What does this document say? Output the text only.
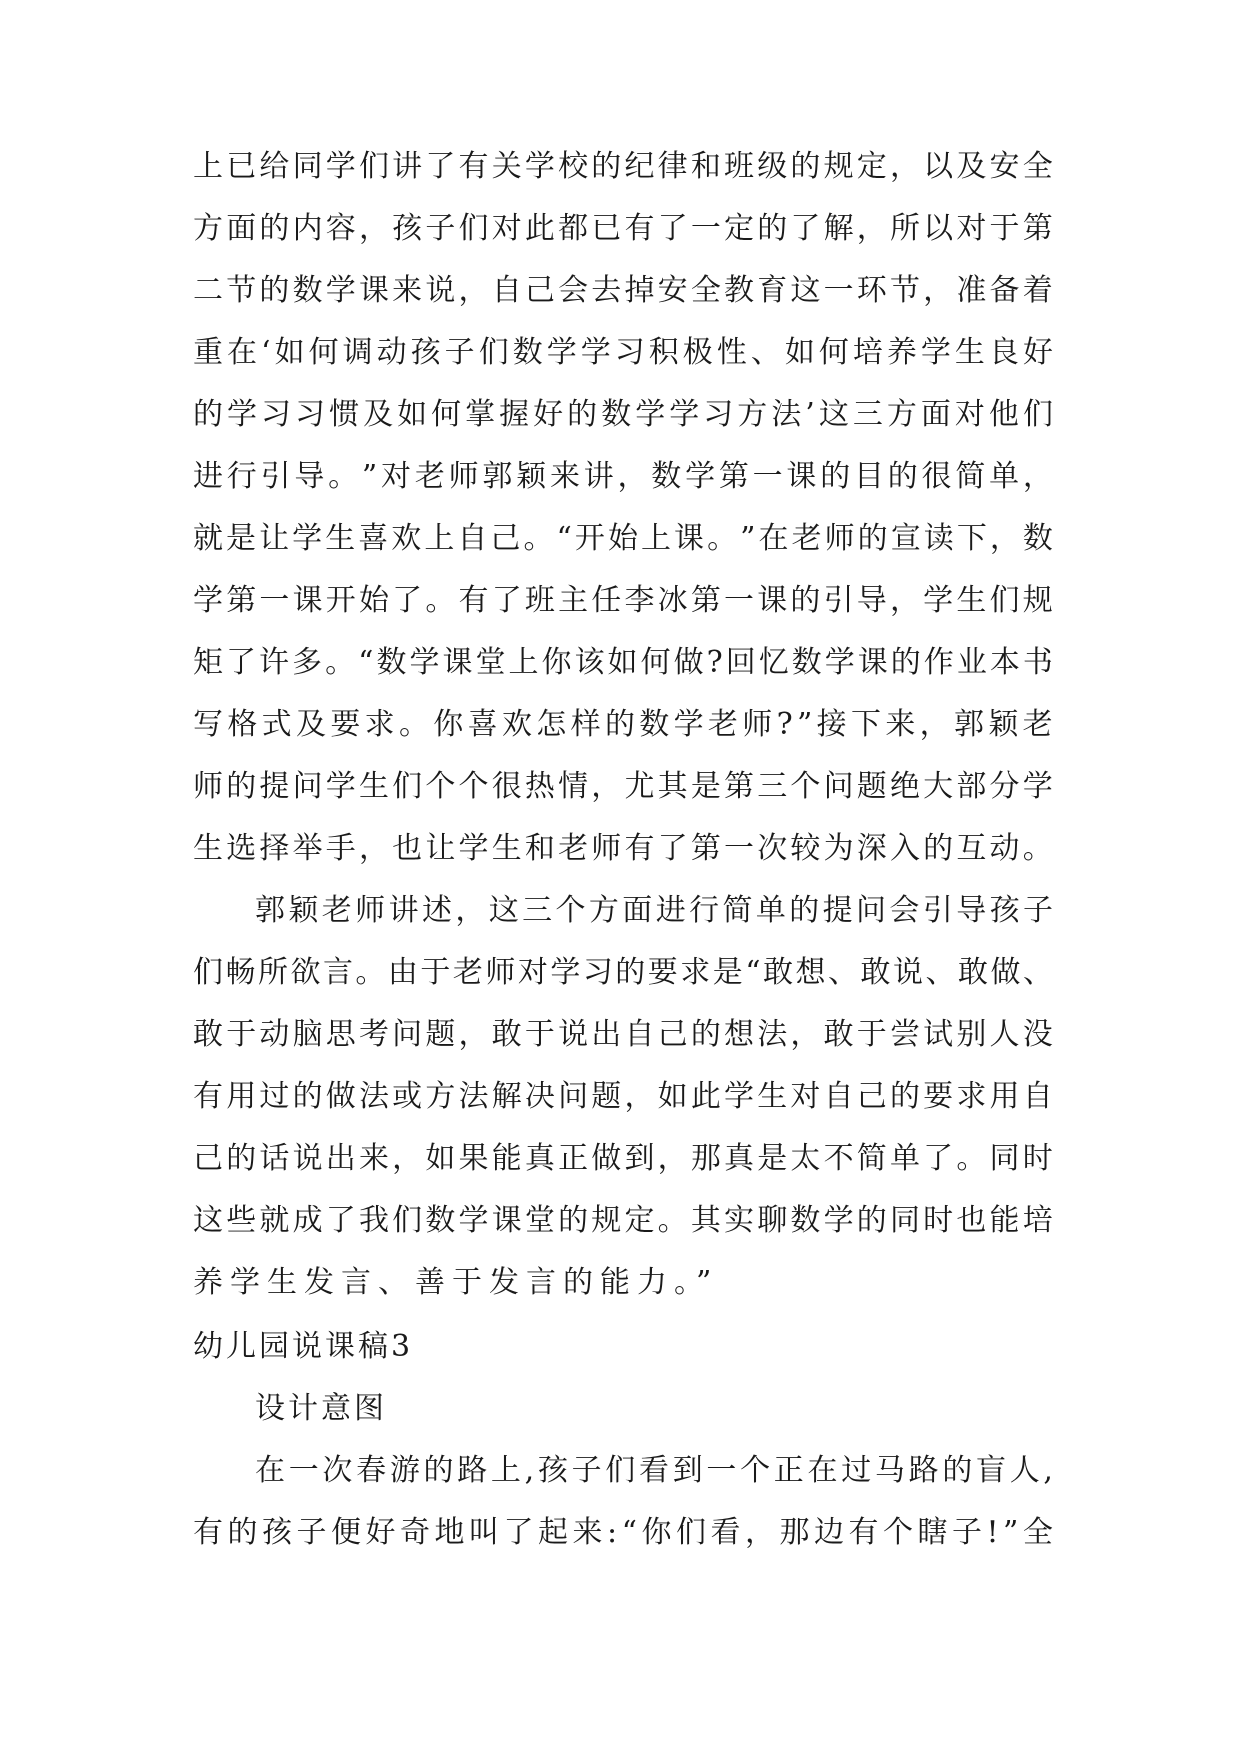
上 已 给 同 学 们 讲 了 有 关 学 校 的 纪 律 和 班 级 的 规 定 ， 以 及 安 全
方 面 的 内 容 ， 孩 子 们 对 此 都 已 有 了 一 定 的 了 解 ， 所 以 对 于 第
二 节 的 数 学 课 来 说 ， 自 己 会 去 掉 安 全 教 育 这 一 环 节 ， 准 备 着
重 在 ‘ 如 何 调 动 孩 子 们 数 学 学 习 积 极 性 、 如 何 培 养 学 生 良 好
的 学 习 习 惯 及 如 何 掌 握 好 的 数 学 学 习 方 法 ’ 这 三 方 面 对 他 们
进 行 引 导 。 ” 对 老 师 郭 颖 来 讲 ， 数 学 第 一 课 的 目 的 很 简 单 ，
就 是 让 学 生 喜 欢 上 自 己 。 “ 开 始 上 课 。 ” 在 老 师 的 宣 读 下 ， 数
学 第 一 课 开 始 了 。 有 了 班 主 任 李 冰 第 一 课 的 引 导 ， 学 生 们 规
矩 了 许 多 。 “ 数 学 课 堂 上 你 该 如 何 做 ? 回 忆 数 学 课 的 作 业 本 书
写 格 式 及 要 求 。 你 喜 欢 怎 样 的 数 学 老 师 ? ” 接 下 来 ， 郭 颖 老
师 的 提 问 学 生 们 个 个 很 热 情 ， 尤 其 是 第 三 个 问 题 绝 大 部 分 学
生 选 择 举 手 ， 也 让 学 生 和 老 师 有 了 第 一 次 较 为 深 入 的 互 动 。
郭 颖 老 师 讲 述 ， 这 三 个 方 面 进 行 简 单 的 提 问 会 引 导 孩 子
们 畅 所 欲 言 。 由 于 老 师 对 学 习 的 要 求 是 “ 敢 想 、 敢 说 、 敢 做 、
敢 于 动 脑 思 考 问 题 ， 敢 于 说 出 自 己 的 想 法 ， 敢 于 尝 试 别 人 没
有 用 过 的 做 法 或 方 法 解 决 问 题 ， 如 此 学 生 对 自 己 的 要 求 用 自
己 的 话 说 出 来 ， 如 果 能 真 正 做 到 ， 那 真 是 太 不 简 单 了 。 同 时
这 些 就 成 了 我 们 数 学 课 堂 的 规 定 。 其 实 聊 数 学 的 同 时 也 能 培
养学生发言、善于发言的能力。”
幼儿园说课稿3
设计意图
在 一 次 春 游 的 路 上 , 孩 子 们 看 到 一 个 正 在 过 马 路 的 盲 人 ,
有 的 孩 子 便 好 奇 地 叫 了 起 来 : “ 你 们 看 ， 那 边 有 个 瞎 子 ! ” 全
